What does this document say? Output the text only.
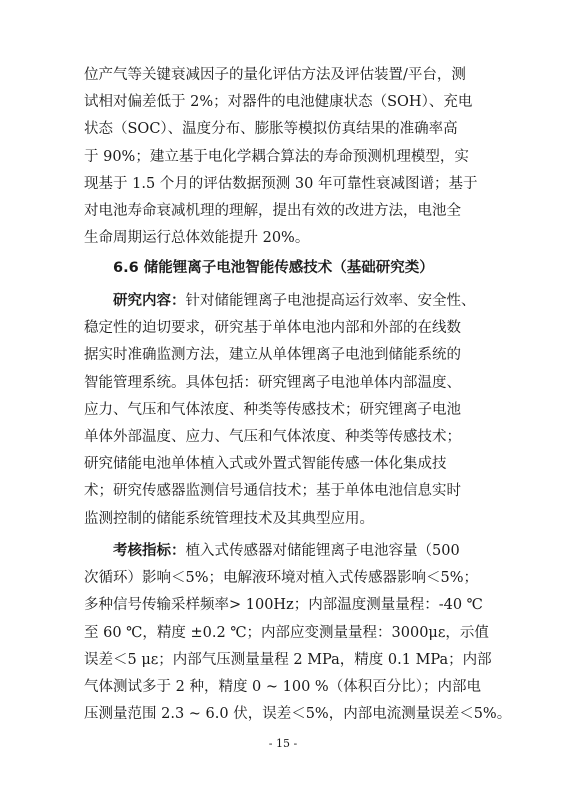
位产气等关键衰减因子的量化评估方法及评估装置/平台，测
试相对偏差低于 2%；对器件的电池健康状态（SOH）、充电
状态（SOC）、温度分布、膨胀等模拟仿真结果的准确率高
于 90%；建立基于电化学耦合算法的寿命预测机理模型，实
现基于 1.5 个月的评估数据预测 30 年可靠性衰减图谱；基于
对电池寿命衰减机理的理解，提出有效的改进方法，电池全
生命周期运行总体效能提升 20%。
6.6 储能锂离子电池智能传感技术（基础研究类）
研究内容：针对储能锂离子电池提高运行效率、安全性、
稳定性的迫切要求，研究基于单体电池内部和外部的在线数
据实时准确监测方法，建立从单体锂离子电池到储能系统的
智能管理系统。具体包括：研究锂离子电池单体内部温度、
应力、气压和气体浓度、种类等传感技术；研究锂离子电池
单体外部温度、应力、气压和气体浓度、种类等传感技术；
研究储能电池单体植入式或外置式智能传感一体化集成技
术；研究传感器监测信号通信技术；基于单体电池信息实时
监测控制的储能系统管理技术及其典型应用。
考核指标：植入式传感器对储能锂离子电池容量（500
次循环）影响＜5%；电解液环境对植入式传感器影响＜5%；
多种信号传输采样频率> 100Hz；内部温度测量量程：-40 ℃
至 60 ℃，精度 ±0.2 ℃；内部应变测量量程：3000με，示值
误差＜5 με；内部气压测量量程 2 MPa，精度 0.1 MPa；内部
气体测试多于 2 种，精度 0 ~ 100 %（体积百分比）；内部电
压测量范围 2.3 ~ 6.0 伏，误差＜5%，内部电流测量误差＜5%。
- 15 -
